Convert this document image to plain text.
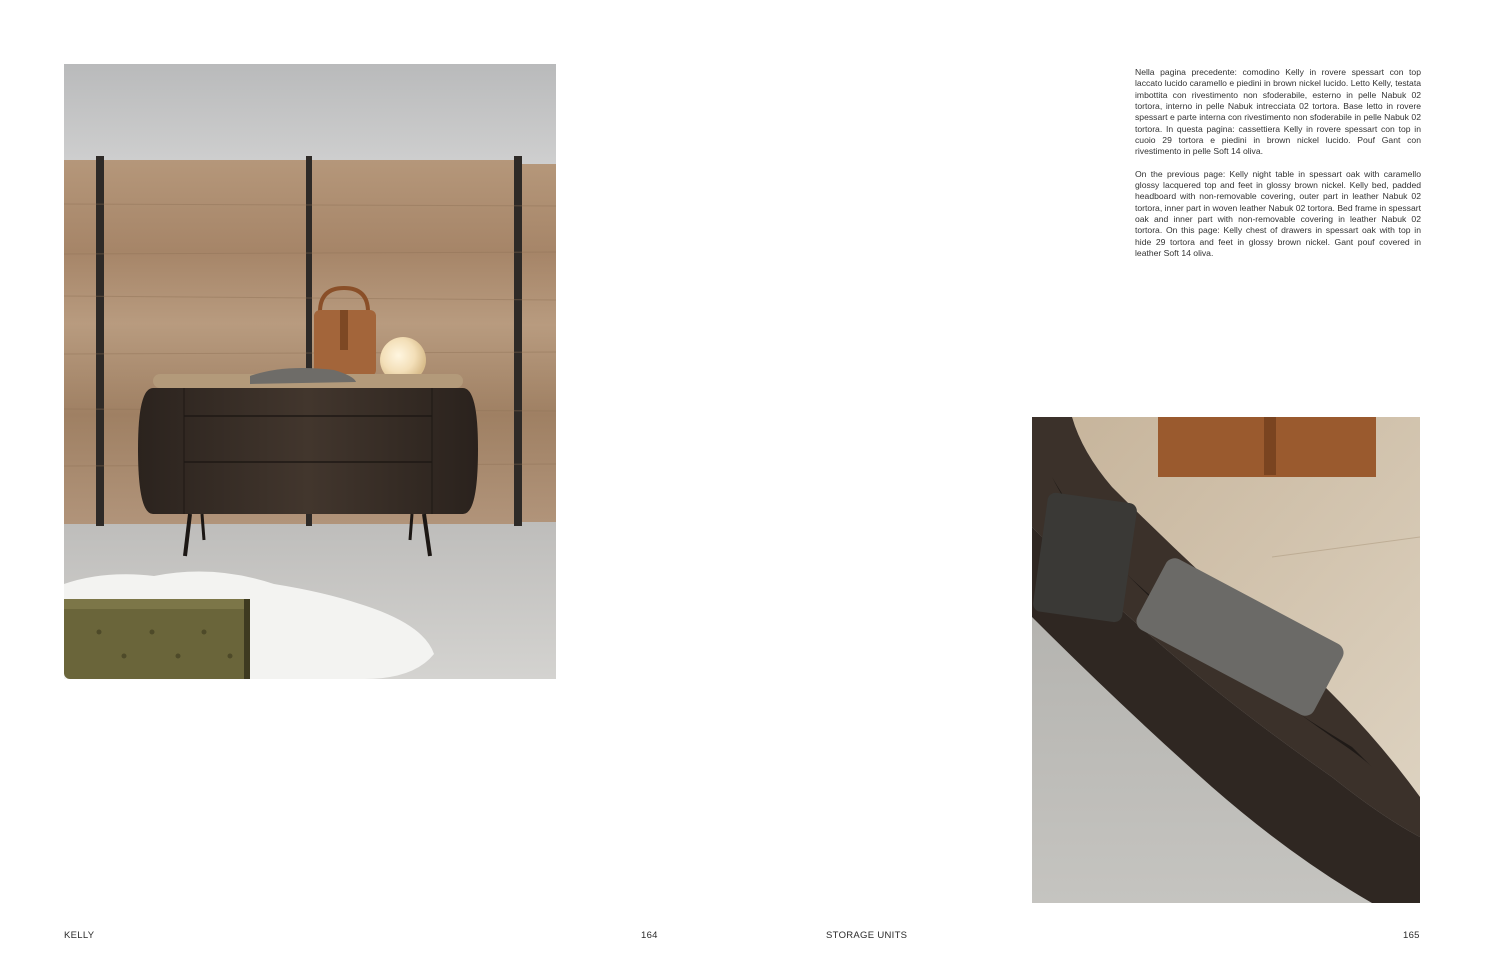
Nella pagina precedente: comodino Kelly in rovere spessart con top laccato lucido caramello e piedini in brown nickel lucido. Letto Kelly, testata imbottita con rivestimento non sfoderabile, esterno in pelle Nabuk 02 tortora, interno in pelle Nabuk intrecciata 02 tortora. Base letto in rovere spessart e parte interna con rivestimento non sfoderabile in pelle Nabuk 02 tortora. In questa pagina: cassettiera Kelly in rovere spessart con top in cuoio 29 tortora e piedini in brown nickel lucido. Pouf Gant con rivestimento in pelle Soft 14 oliva.

On the previous page: Kelly night table in spessart oak with caramello glossy lacquered top and feet in glossy brown nickel. Kelly bed, padded headboard with non-removable covering, outer part in leather Nabuk 02 tortora, inner part in woven leather Nabuk 02 tortora. Bed frame in spessart oak and inner part with non-removable covering in leather Nabuk 02 tortora. On this page: Kelly chest of drawers in spessart oak with top in hide 29 tortora and feet in glossy brown nickel. Gant pouf covered in leather Soft 14 oliva.

KELLY	164	STORAGE UNITS	165
